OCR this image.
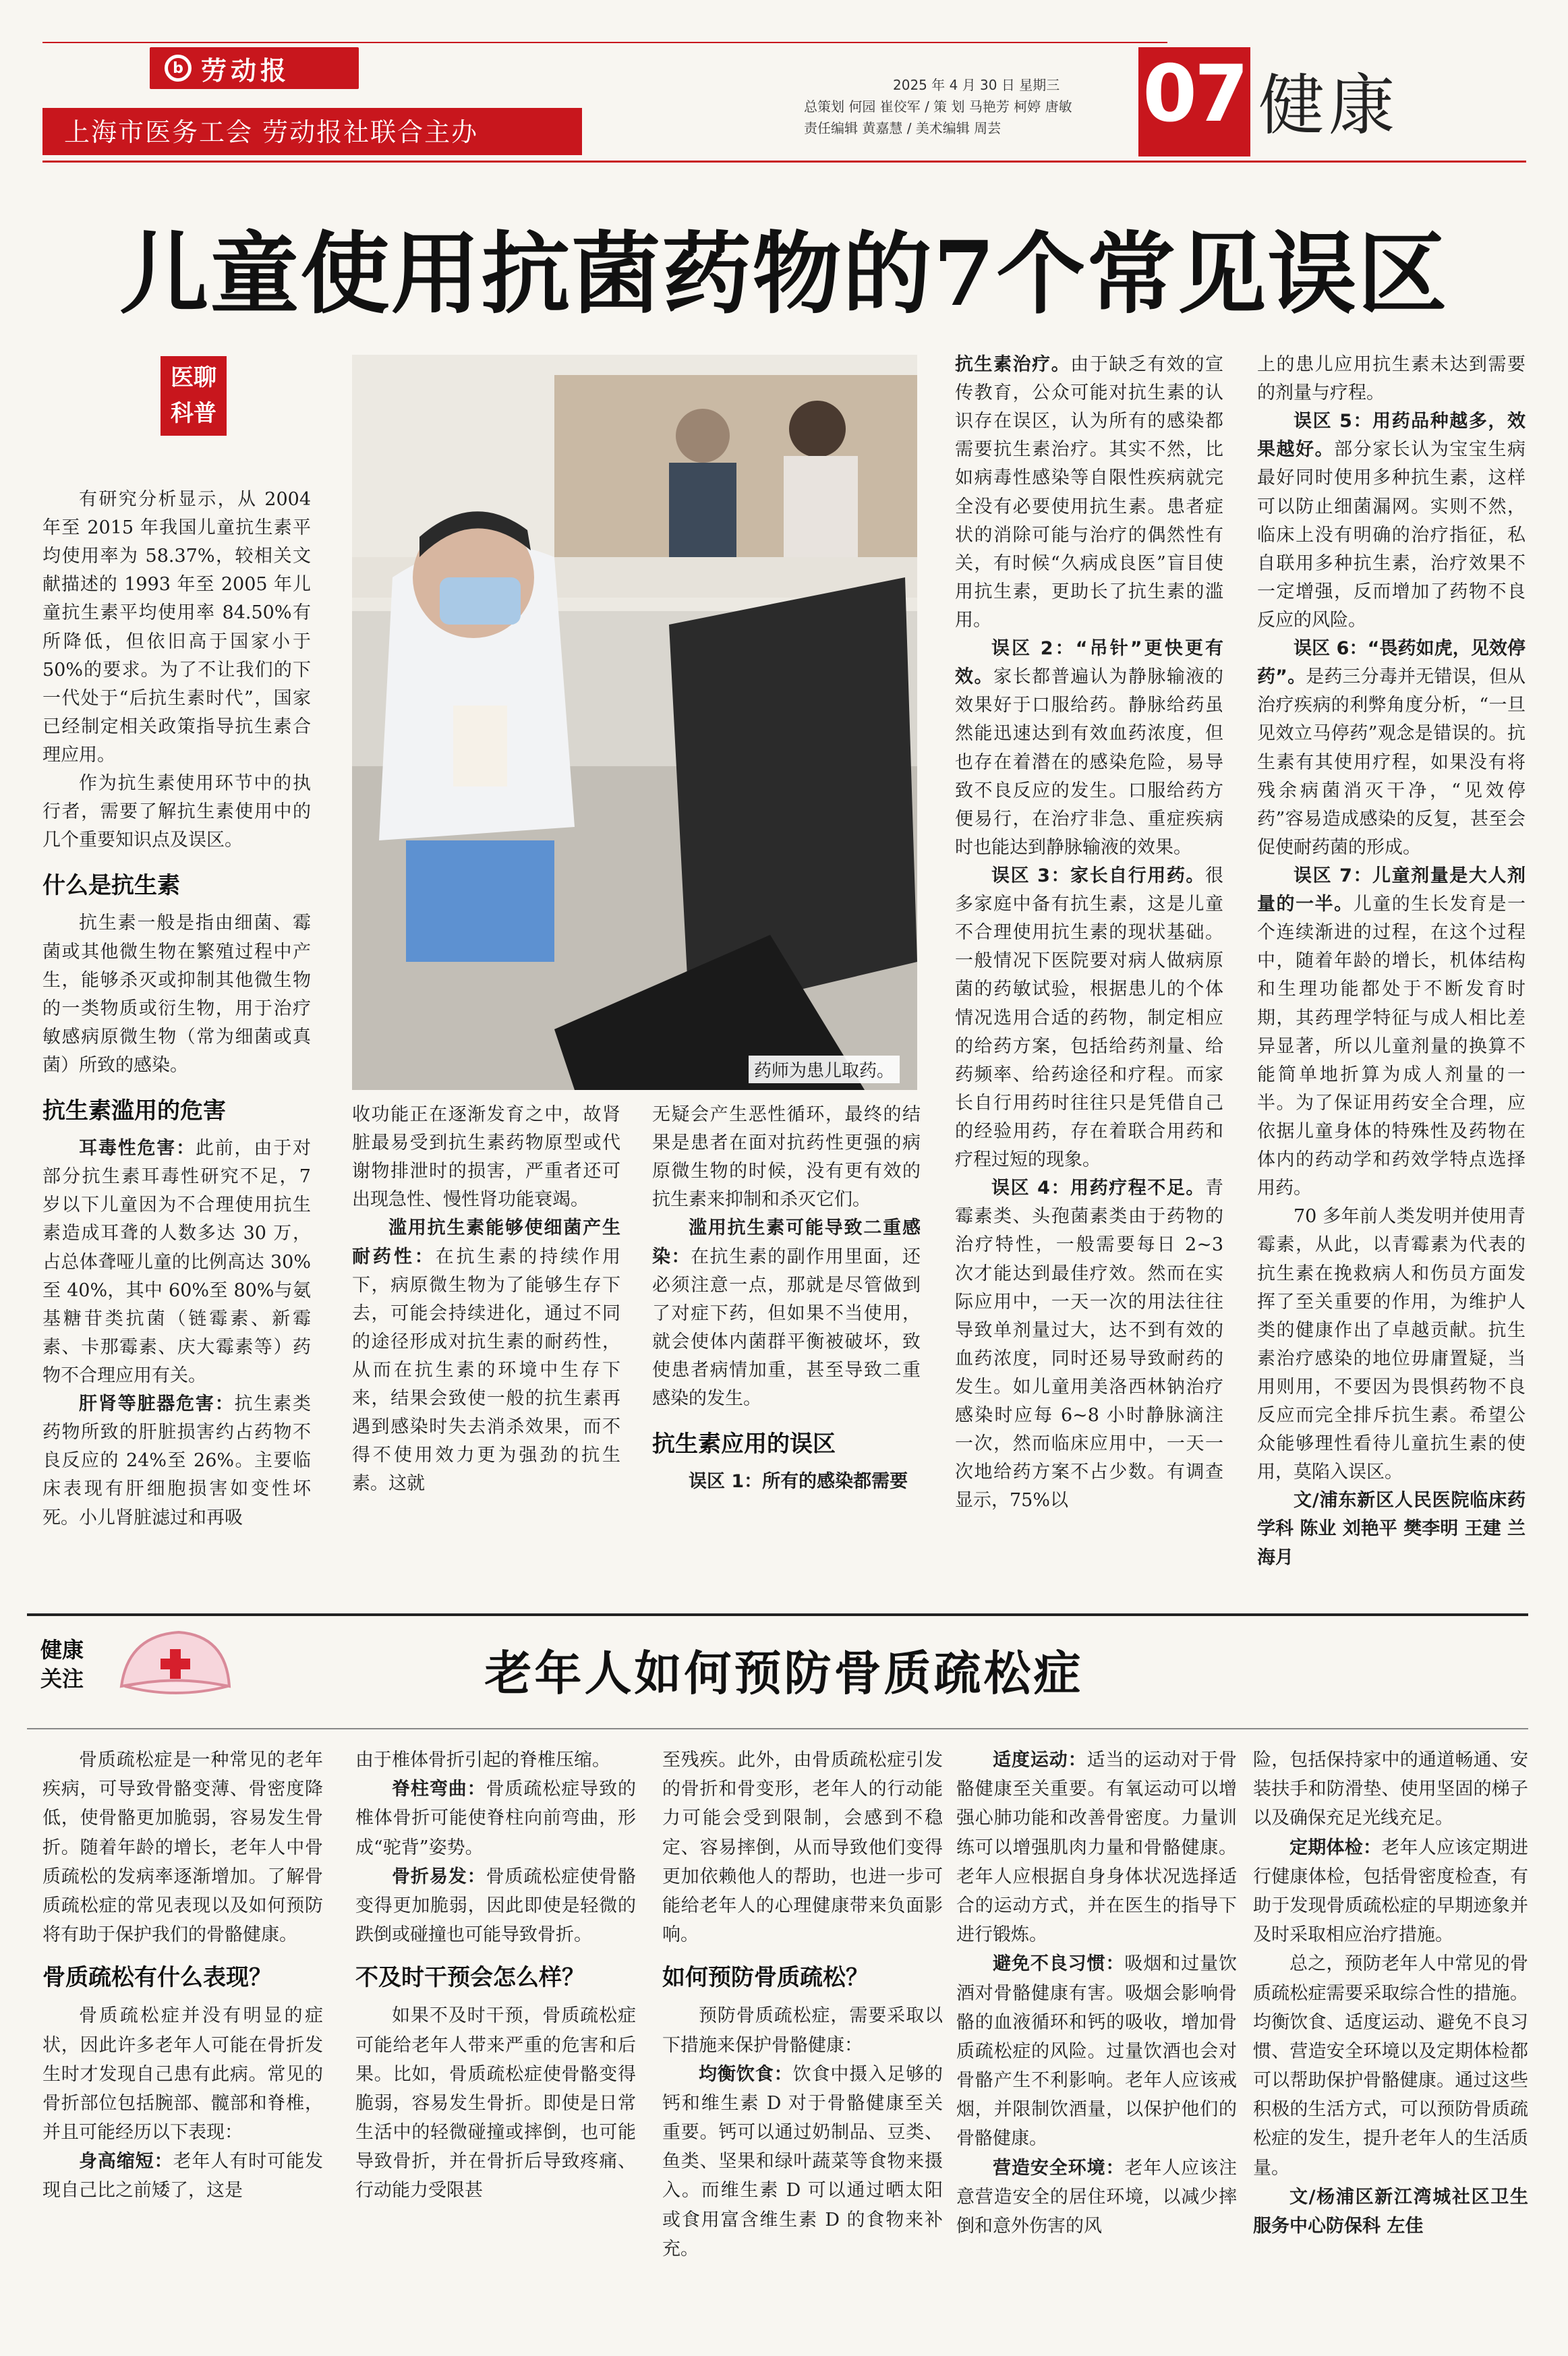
b 劳动报
上海市医务工会 劳动报社联合主办
2025 年 4 月 30 日 星期三
总策划 何园 崔佼军 / 策 划 马艳芳 柯婷 唐敏
责任编辑 黄嘉慧 / 美术编辑 周芸 07 健康
儿童使用抗菌药物的7个常见误区
医聊
科普

有研究分析显示，从 2004 年至 2015 年我国儿童抗生素平均使用率为 58.37%，较相关文献描述的 1993 年至 2005 年儿童抗生素平均使用率 84.50%有所降低，但依旧高于国家小于 50%的要求。为了不让我们的下一代处于“后抗生素时代”，国家已经制定相关政策指导抗生素合理应用。

作为抗生素使用环节中的执行者，需要了解抗生素使用中的几个重要知识点及误区。

什么是抗生素

抗生素一般是指由细菌、霉菌或其他微生物在繁殖过程中产生，能够杀灭或抑制其他微生物的一类物质或衍生物，用于治疗敏感病原微生物（常为细菌或真菌）所致的感染。

抗生素滥用的危害

耳毒性危害：此前，由于对部分抗生素耳毒性研究不足，7 岁以下儿童因为不合理使用抗生素造成耳聋的人数多达 30 万，占总体聋哑儿童的比例高达 30%至 40%，其中 60%至 80%与氨基糖苷类抗菌（链霉素、新霉素、卡那霉素、庆大霉素等）药物不合理应用有关。

肝肾等脏器危害：抗生素类药物所致的肝脏损害约占药物不良反应的 24%至 26%。主要临床表现有肝细胞损害如变性坏死。小儿肾脏滤过和再吸

药师为患儿取药。

收功能正在逐渐发育之中，故肾脏最易受到抗生素药物原型或代谢物排泄时的损害，严重者还可出现急性、慢性肾功能衰竭。

滥用抗生素能够使细菌产生耐药性：在抗生素的持续作用下，病原微生物为了能够生存下去，可能会持续进化，通过不同的途径形成对抗生素的耐药性，从而在抗生素的环境中生存下来，结果会致使一般的抗生素再遇到感染时失去消杀效果，而不得不使用效力更为强劲的抗生素。这就

无疑会产生恶性循环，最终的结果是患者在面对抗药性更强的病原微生物的时候，没有更有效的抗生素来抑制和杀灭它们。

滥用抗生素可能导致二重感染：在抗生素的副作用里面，还必须注意一点，那就是尽管做到了对症下药，但如果不当使用，就会使体内菌群平衡被破坏，致使患者病情加重，甚至导致二重感染的发生。

抗生素应用的误区

误区 1：所有的感染都需要

抗生素治疗。由于缺乏有效的宣传教育，公众可能对抗生素的认识存在误区，认为所有的感染都需要抗生素治疗。其实不然，比如病毒性感染等自限性疾病就完全没有必要使用抗生素。患者症状的消除可能与治疗的偶然性有关，有时候“久病成良医”盲目使用抗生素，更助长了抗生素的滥用。

误区 2：“吊针”更快更有效。家长都普遍认为静脉输液的效果好于口服给药。静脉给药虽然能迅速达到有效血药浓度，但也存在着潜在的感染危险，易导致不良反应的发生。口服给药方便易行，在治疗非急、重症疾病时也能达到静脉输液的效果。

误区 3：家长自行用药。很多家庭中备有抗生素，这是儿童不合理使用抗生素的现状基础。一般情况下医院要对病人做病原菌的药敏试验，根据患儿的个体情况选用合适的药物，制定相应的给药方案，包括给药剂量、给药频率、给药途径和疗程。而家长自行用药时往往只是凭借自己的经验用药，存在着联合用药和疗程过短的现象。

误区 4：用药疗程不足。青霉素类、头孢菌素类由于药物的治疗特性，一般需要每日 2~3 次才能达到最佳疗效。然而在实际应用中，一天一次的用法往往导致单剂量过大，达不到有效的血药浓度，同时还易导致耐药的发生。如儿童用美洛西林钠治疗感染时应每 6~8 小时静脉滴注一次，然而临床应用中，一天一次地给药方案不占少数。有调查显示，75%以

上的患儿应用抗生素未达到需要的剂量与疗程。

误区 5：用药品种越多，效果越好。部分家长认为宝宝生病最好同时使用多种抗生素，这样可以防止细菌漏网。实则不然，临床上没有明确的治疗指征，私自联用多种抗生素，治疗效果不一定增强，反而增加了药物不良反应的风险。

误区 6：“畏药如虎，见效停药”。是药三分毒并无错误，但从治疗疾病的利弊角度分析，“一旦见效立马停药”观念是错误的。抗生素有其使用疗程，如果没有将残余病菌消灭干净，“见效停药”容易造成感染的反复，甚至会促使耐药菌的形成。

误区 7：儿童剂量是大人剂量的一半。儿童的生长发育是一个连续渐进的过程，在这个过程中，随着年龄的增长，机体结构和生理功能都处于不断发育时期，其药理学特征与成人相比差异显著，所以儿童剂量的换算不能简单地折算为成人剂量的一半。为了保证用药安全合理，应依据儿童身体的特殊性及药物在体内的药动学和药效学特点选择用药。

70 多年前人类发明并使用青霉素，从此，以青霉素为代表的抗生素在挽救病人和伤员方面发挥了至关重要的作用，为维护人类的健康作出了卓越贡献。抗生素治疗感染的地位毋庸置疑，当用则用，不要因为畏惧药物不良反应而完全排斥抗生素。希望公众能够理性看待儿童抗生素的使用，莫陷入误区。

文/浦东新区人民医院临床药学科 陈业 刘艳平 樊李明 王建 兰海月

健康
关注	老年人如何预防骨质疏松症

骨质疏松症是一种常见的老年疾病，可导致骨骼变薄、骨密度降低，使骨骼更加脆弱，容易发生骨折。随着年龄的增长，老年人中骨质疏松的发病率逐渐增加。了解骨质疏松症的常见表现以及如何预防将有助于保护我们的骨骼健康。

骨质疏松有什么表现？

骨质疏松症并没有明显的症状，因此许多老年人可能在骨折发生时才发现自己患有此病。常见的骨折部位包括腕部、髋部和脊椎，并且可能经历以下表现：

身高缩短：老年人有时可能发现自己比之前矮了，这是

由于椎体骨折引起的脊椎压缩。

脊柱弯曲：骨质疏松症导致的椎体骨折可能使脊柱向前弯曲，形成“驼背”姿势。

骨折易发：骨质疏松症使骨骼变得更加脆弱，因此即使是轻微的跌倒或碰撞也可能导致骨折。

不及时干预会怎么样？

如果不及时干预，骨质疏松症可能给老年人带来严重的危害和后果。比如，骨质疏松症使骨骼变得脆弱，容易发生骨折。即使是日常生活中的轻微碰撞或摔倒，也可能导致骨折，并在骨折后导致疼痛、行动能力受限甚

至残疾。此外，由骨质疏松症引发的骨折和骨变形，老年人的行动能力可能会受到限制，会感到不稳定、容易摔倒，从而导致他们变得更加依赖他人的帮助，也进一步可能给老年人的心理健康带来负面影响。

如何预防骨质疏松？

预防骨质疏松症，需要采取以下措施来保护骨骼健康：

均衡饮食：饮食中摄入足够的钙和维生素 D 对于骨骼健康至关重要。钙可以通过奶制品、豆类、鱼类、坚果和绿叶蔬菜等食物来摄入。而维生素 D 可以通过晒太阳或食用富含维生素 D 的食物来补充。

适度运动：适当的运动对于骨骼健康至关重要。有氧运动可以增强心肺功能和改善骨密度。力量训练可以增强肌肉力量和骨骼健康。老年人应根据自身身体状况选择适合的运动方式，并在医生的指导下进行锻炼。

避免不良习惯：吸烟和过量饮酒对骨骼健康有害。吸烟会影响骨骼的血液循环和钙的吸收，增加骨质疏松症的风险。过量饮酒也会对骨骼产生不利影响。老年人应该戒烟，并限制饮酒量，以保护他们的骨骼健康。

营造安全环境：老年人应该注意营造安全的居住环境，以减少摔倒和意外伤害的风

险，包括保持家中的通道畅通、安装扶手和防滑垫、使用坚固的梯子以及确保充足光线充足。

定期体检：老年人应该定期进行健康体检，包括骨密度检查，有助于发现骨质疏松症的早期迹象并及时采取相应治疗措施。

总之，预防老年人中常见的骨质疏松症需要采取综合性的措施。均衡饮食、适度运动、避免不良习惯、营造安全环境以及定期体检都可以帮助保护骨骼健康。通过这些积极的生活方式，可以预防骨质疏松症的发生，提升老年人的生活质量。

文/杨浦区新江湾城社区卫生服务中心防保科 左佳
